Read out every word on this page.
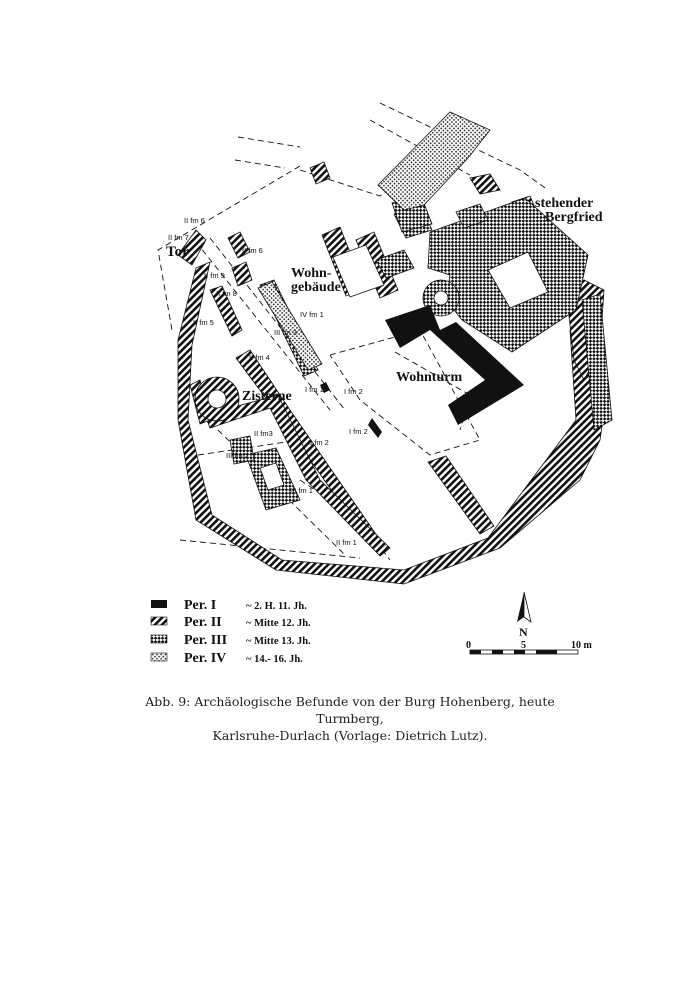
Tor
Wohn-
gebäude
stehender
Bergfried
Wohnturm
Zisterne
II fm 6
II fm 7
II fm 6
II fm 9
II fm 8
II fm 5
IV fm 1
III fm 3
II fm 4
I fm 1	I fm 2
I fm 2
II fm3
II fm 2
III fm 2
III fm 1
II fm 1
Per. I
Per. II
Per. III
Per. IV
~ 2. H. 11. Jh.
~ Mitte 12. Jh.
~ Mitte 13. Jh.
~ 14.- 16. Jh.
N
0	5	10 m
Abb. 9: Archäologische Befunde von der Burg Hohenberg, heute Turmberg,
Karlsruhe-Durlach (Vorlage: Dietrich Lutz).
